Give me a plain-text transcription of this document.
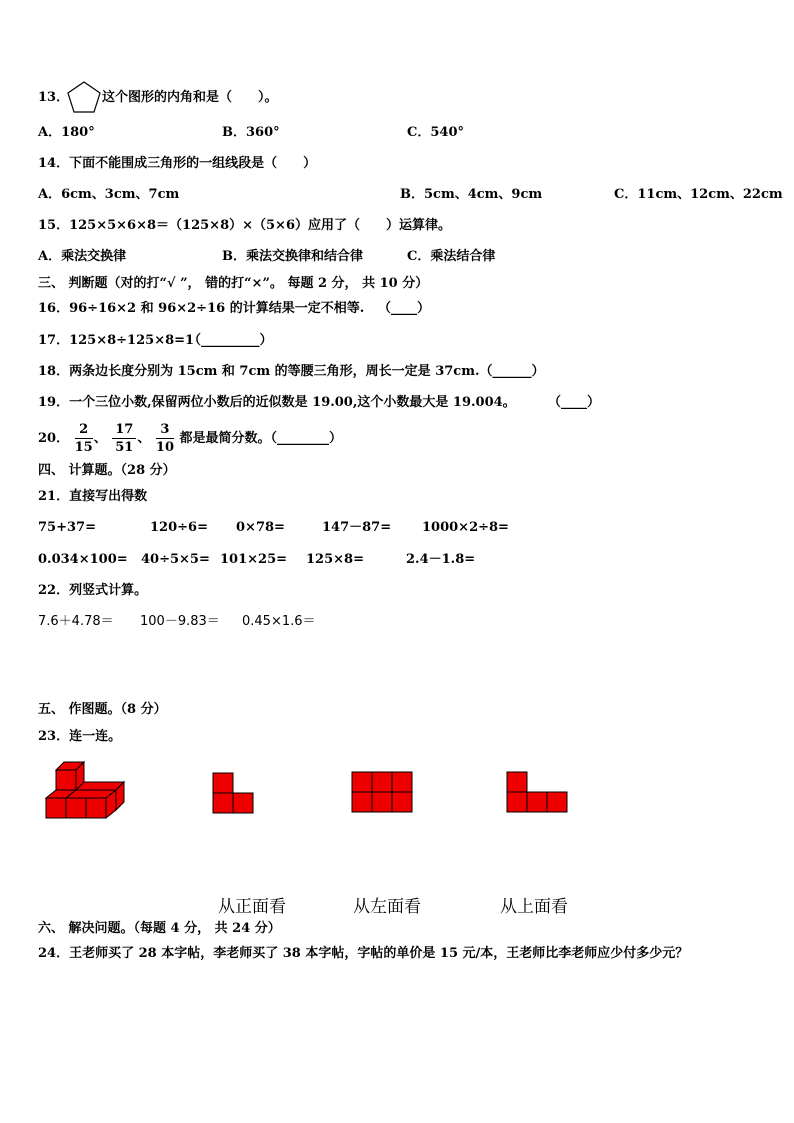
13．	这个图形的内角和是（　　）。
A．180°	B．360°	C．540°
14．下面不能围成三角形的一组线段是（　　）
A．6cm、3cm、7cm	B．5cm、4cm、9cm	C．11cm、12cm、22cm
15．125×5×6×8＝（125×8）×（5×6）应用了（　　）运算律。
A．乘法交换律	B．乘法交换律和结合律	C．乘法结合律
三、 判断题（对的打“√ ”， 错的打“×”。 每题 2 分， 共 10 分）
16．96÷16×2 和 96×2÷16 的计算结果一定不相等. （____）
17．125×8÷125×8=1
（_________）
18．两条边长度分别为 15cm 和 7cm 的等腰三角形，周长一定是 37cm.（______）
19．一个三位小数,保留两位小数后的近似数是 19.00,这个小数最大是 19.004。 （____）
20． $\frac{2}{15}$ 、 $\frac{17}{51}$ 、 $\frac{3}{10}$ 都是最简分数。（________）
四、 计算题。（28 分）
21．直接写出得数
75+37=	120÷6= 0×78=	147－87= 1000×2÷8=
0.034×100= 40÷5×5= 101×25= 125×8=	2.4－1.8=
22．列竖式计算。
7.6＋4.78＝ 100－9.83＝ 0.45×1.6＝
五、 作图题。（8 分）
23．连一连。
从正面看	从左面看	从上面看
六、 解决问题。（每题 4 分， 共 24 分）
24．王老师买了 28 本字帖，李老师买了 38 本字帖，字帖的单价是 15 元/本，王老师比李老师应少付多少元？
